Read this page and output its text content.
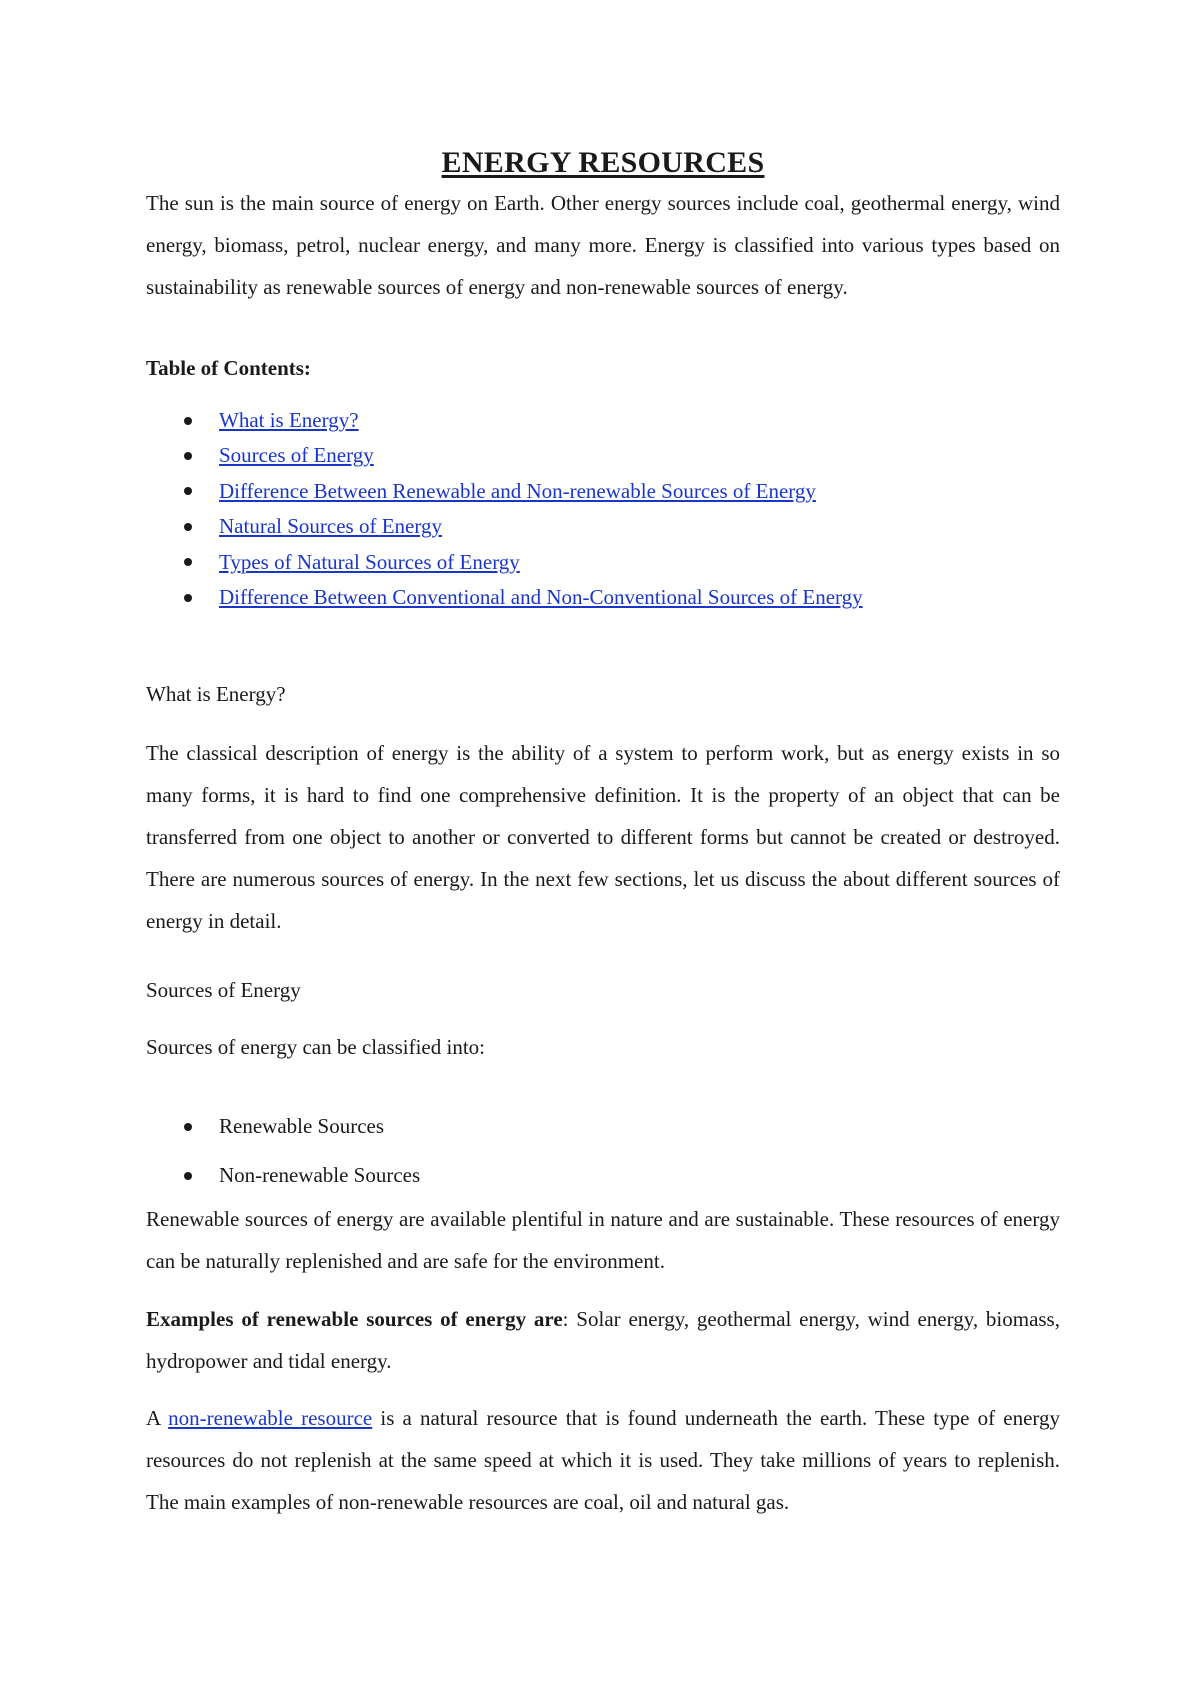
ENERGY RESOURCES

The sun is the main source of energy on Earth. Other energy sources include coal, geothermal energy, wind energy, biomass, petrol, nuclear energy, and many more. Energy is classified into various types based on sustainability as renewable sources of energy and non-renewable sources of energy.

Table of Contents:

What is Energy?
Sources of Energy
Difference Between Renewable and Non-renewable Sources of Energy
Natural Sources of Energy
Types of Natural Sources of Energy
Difference Between Conventional and Non-Conventional Sources of Energy

What is Energy?

The classical description of energy is the ability of a system to perform work, but as energy exists in so many forms, it is hard to find one comprehensive definition. It is the property of an object that can be transferred from one object to another or converted to different forms but cannot be created or destroyed. There are numerous sources of energy. In the next few sections, let us discuss the about different sources of energy in detail.

Sources of Energy

Sources of energy can be classified into:

Renewable Sources
Non-renewable Sources

Renewable sources of energy are available plentiful in nature and are sustainable. These resources of energy can be naturally replenished and are safe for the environment.

Examples of renewable sources of energy are: Solar energy, geothermal energy, wind energy, biomass, hydropower and tidal energy.

A non-renewable resource is a natural resource that is found underneath the earth. These type of energy resources do not replenish at the same speed at which it is used. They take millions of years to replenish. The main examples of non-renewable resources are coal, oil and natural gas.
